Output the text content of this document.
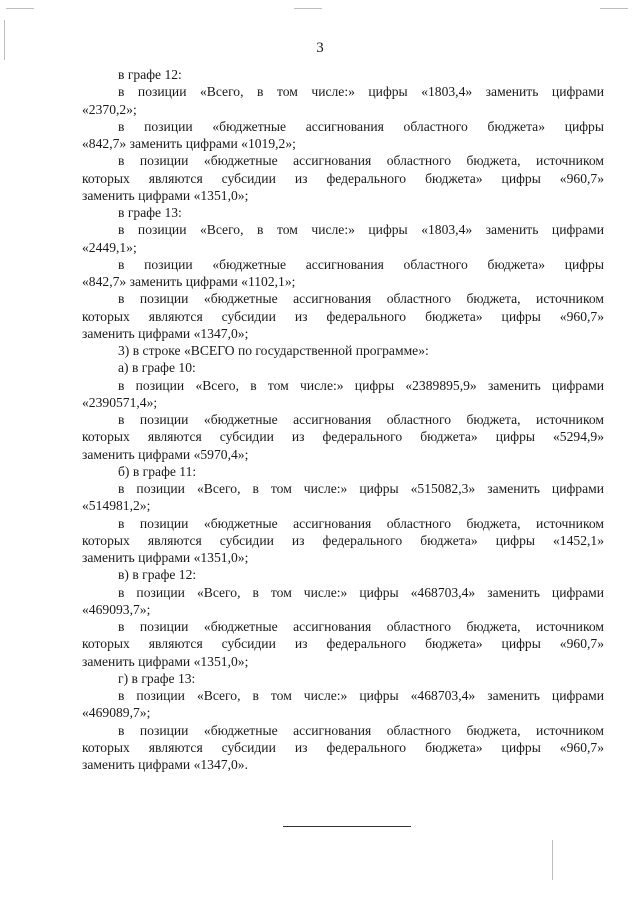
3
в графе 12:
в позиции «Всего, в том числе:» цифры «1803,4» заменить цифрами
«2370,2»;
в позиции «бюджетные ассигнования областного бюджета» цифры
«842,7» заменить цифрами «1019,2»;
в позиции «бюджетные ассигнования областного бюджета, источником
которых являются субсидии из федерального бюджета» цифры «960,7»
заменить цифрами «1351,0»;
в графе 13:
в позиции «Всего, в том числе:» цифры «1803,4» заменить цифрами
«2449,1»;
в позиции «бюджетные ассигнования областного бюджета» цифры
«842,7» заменить цифрами «1102,1»;
в позиции «бюджетные ассигнования областного бюджета, источником
которых являются субсидии из федерального бюджета» цифры «960,7»
заменить цифрами «1347,0»;
3) в строке «ВСЕГО по государственной программе»:
а) в графе 10:
в позиции «Всего, в том числе:» цифры «2389895,9» заменить цифрами
«2390571,4»;
в позиции «бюджетные ассигнования областного бюджета, источником
которых являются субсидии из федерального бюджета» цифры «5294,9»
заменить цифрами «5970,4»;
б) в графе 11:
в позиции «Всего, в том числе:» цифры «515082,3» заменить цифрами
«514981,2»;
в позиции «бюджетные ассигнования областного бюджета, источником
которых являются субсидии из федерального бюджета» цифры «1452,1»
заменить цифрами «1351,0»;
в) в графе 12:
в позиции «Всего, в том числе:» цифры «468703,4» заменить цифрами
«469093,7»;
в позиции «бюджетные ассигнования областного бюджета, источником
которых являются субсидии из федерального бюджета» цифры «960,7»
заменить цифрами «1351,0»;
г) в графе 13:
в позиции «Всего, в том числе:» цифры «468703,4» заменить цифрами
«469089,7»;
в позиции «бюджетные ассигнования областного бюджета, источником
которых являются субсидии из федерального бюджета» цифры «960,7»
заменить цифрами «1347,0».
